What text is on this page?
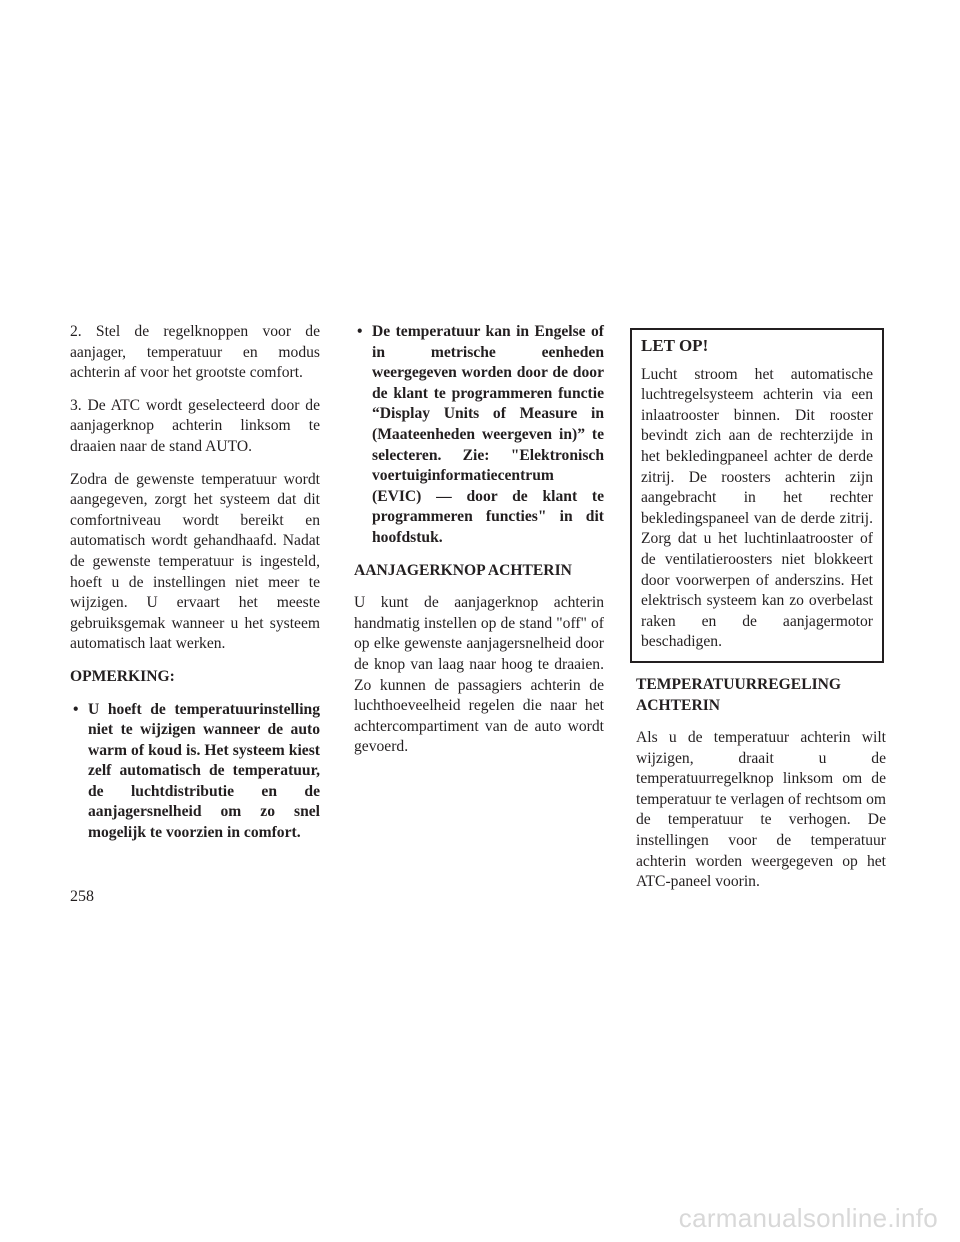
2. Stel de regelknoppen voor de aanjager, temperatuur en modus achterin af voor het grootste comfort.

3. De ATC wordt geselecteerd door de aanjagerknop achterin linksom te draaien naar de stand AUTO.

Zodra de gewenste temperatuur wordt aangegeven, zorgt het systeem dat dit comfortniveau wordt bereikt en automatisch wordt gehandhaafd. Nadat de gewenste temperatuur is ingesteld, hoeft u de instellingen niet meer te wijzigen. U ervaart het meeste gebruiksgemak wanneer u het systeem automatisch laat werken.

OPMERKING:
• U hoeft de temperatuurinstelling niet te wijzigen wanneer de auto warm of koud is. Het systeem kiest zelf automatisch de temperatuur, de luchtdistributie en de aanjagersnelheid om zo snel mogelijk te voorzien in comfort.
• De temperatuur kan in Engelse of in metrische eenheden weergegeven worden door de door de klant te programmeren functie “Display Units of Measure in (Maateenheden weergeven in)” te selecteren. Zie: "Elektronisch voertuiginformatiecentrum (EVIC) — door de klant te programmeren functies" in dit hoofdstuk.
AANJAGERKNOP ACHTERIN

U kunt de aanjagerknop achterin handmatig instellen op de stand "off" of op elke gewenste aanjagersnelheid door de knop van laag naar hoog te draaien. Zo kunnen de passagiers achterin de luchthoeveelheid regelen die naar het achtercompartiment van de auto wordt gevoerd.

LET OP!

Lucht stroom het automatische luchtregelsysteem achterin via een inlaatrooster binnen. Dit rooster bevindt zich aan de rechterzijde in het bekledingpaneel achter de derde zitrij. De roosters achterin zijn aangebracht in het rechter bekledingspaneel van de derde zitrij. Zorg dat u het luchtinlaatrooster of de ventilatieroosters niet blokkeert door voorwerpen of anderszins. Het elektrisch systeem kan zo overbelast raken en de aanjagermotor beschadigen.

TEMPERATUURREGELING ACHTERIN

Als u de temperatuur achterin wilt wijzigen, draait u de temperatuurregelknop linksom om de temperatuur te verlagen of rechtsom om de temperatuur te verhogen. De instellingen voor de temperatuur achterin worden weergegeven op het ATC-paneel voorin.

258
carmanualsonline.info
